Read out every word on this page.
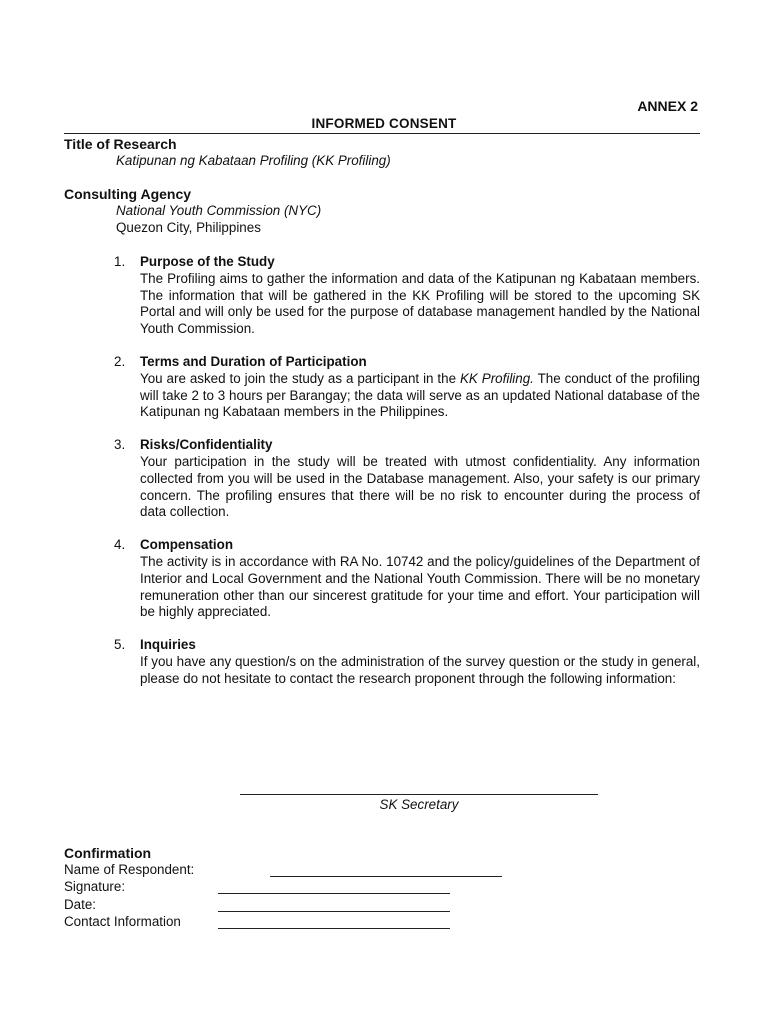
ANNEX 2
INFORMED CONSENT
Title of Research
Katipunan ng Kabataan Profiling (KK Profiling)
Consulting Agency
National Youth Commission (NYC)
Quezon City, Philippines
1.	Purpose of the Study
The Profiling aims to gather the information and data of the Katipunan ng Kabataan members. The information that will be gathered in the KK Profiling will be stored to the upcoming SK Portal and will only be used for the purpose of database management handled by the National Youth Commission.
2.	Terms and Duration of Participation
You are asked to join the study as a participant in the KK Profiling. The conduct of the profiling will take 2 to 3 hours per Barangay; the data will serve as an updated National database of the Katipunan ng Kabataan members in the Philippines.
3.	Risks/Confidentiality
Your participation in the study will be treated with utmost confidentiality. Any information collected from you will be used in the Database management. Also, your safety is our primary concern. The profiling ensures that there will be no risk to encounter during the process of data collection.
4.	Compensation
The activity is in accordance with RA No. 10742 and the policy/guidelines of the Department of Interior and Local Government and the National Youth Commission. There will be no monetary remuneration other than our sincerest gratitude for your time and effort. Your participation will be highly appreciated.
5.	Inquiries
If you have any question/s on the administration of the survey question or the study in general, please do not hesitate to contact the research proponent through the following information:
SK Secretary
Confirmation
Name of Respondent:
Signature:
Date:
Contact Information
